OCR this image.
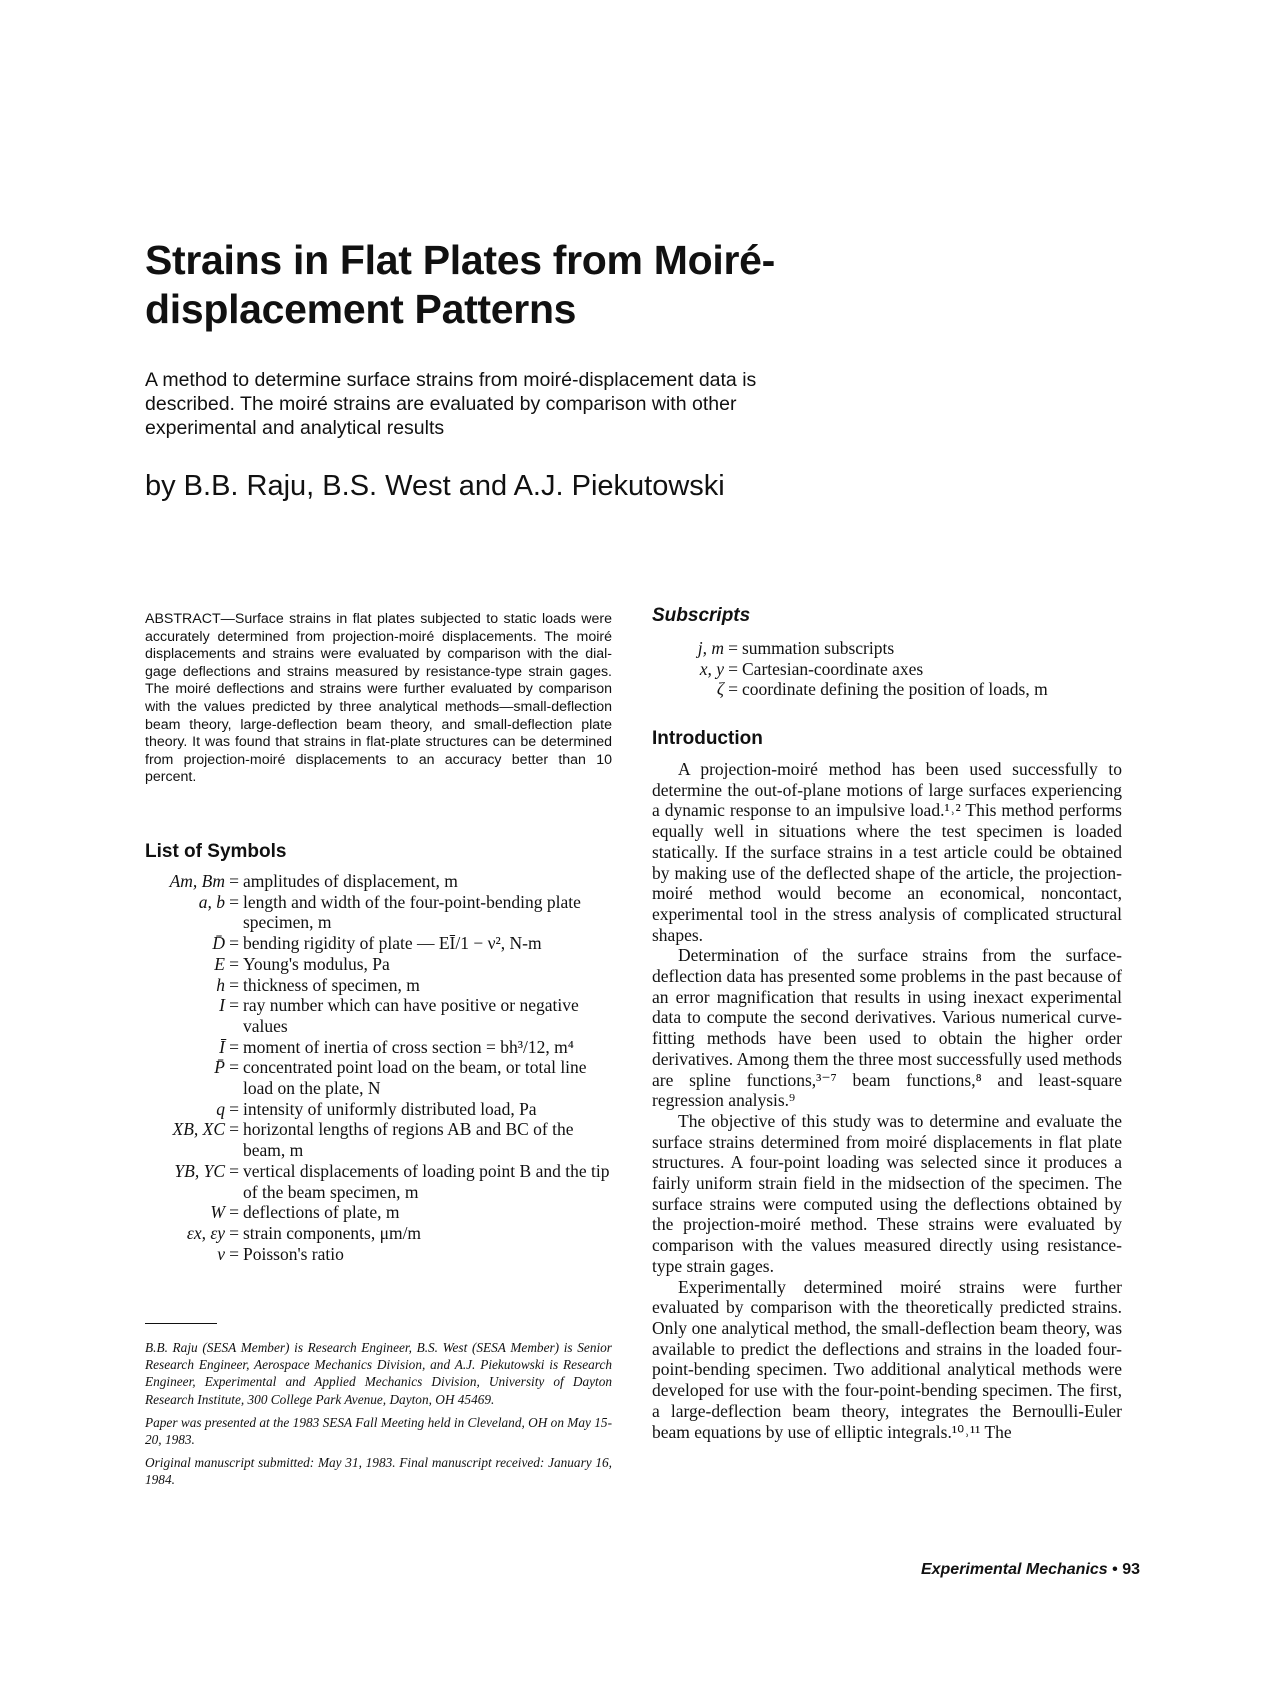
Strains in Flat Plates from Moiré-displacement Patterns

A method to determine surface strains from moiré-displacement data is described. The moiré strains are evaluated by comparison with other experimental and analytical results

by B.B. Raju, B.S. West and A.J. Piekutowski

ABSTRACT—Surface strains in flat plates subjected to static loads were accurately determined from projection-moiré displacements. The moiré displacements and strains were evaluated by comparison with the dial-gage deflections and strains measured by resistance-type strain gages. The moiré deflections and strains were further evaluated by comparison with the values predicted by three analytical methods—small-deflection beam theory, large-deflection beam theory, and small-deflection plate theory. It was found that strains in flat-plate structures can be determined from projection-moiré displacements to an accuracy better than 10 percent.

List of Symbols
Am, Bm	=	amplitudes of displacement, m
a, b	=	length and width of the four-point-bending plate specimen, m
D̄	=	bending rigidity of plate — EĪ/1 − ν², N-m
E	=	Young's modulus, Pa
h	=	thickness of specimen, m
I	=	ray number which can have positive or negative values
Ī	=	moment of inertia of cross section = bh³/12, m⁴
P̄	=	concentrated point load on the beam, or total line load on the plate, N
q	=	intensity of uniformly distributed load, Pa
XB, XC	=	horizontal lengths of regions AB and BC of the beam, m
YB, YC	=	vertical displacements of loading point B and the tip of the beam specimen, m
W	=	deflections of plate, m
εx, εy	=	strain components, μm/m
ν	=	Poisson's ratio

B.B. Raju (SESA Member) is Research Engineer, B.S. West (SESA Member) is Senior Research Engineer, Aerospace Mechanics Division, and A.J. Piekutowski is Research Engineer, Experimental and Applied Mechanics Division, University of Dayton Research Institute, 300 College Park Avenue, Dayton, OH 45469.

Paper was presented at the 1983 SESA Fall Meeting held in Cleveland, OH on May 15-20, 1983.

Original manuscript submitted: May 31, 1983. Final manuscript received: January 16, 1984.

Subscripts
j, m	=	summation subscripts
x, y	=	Cartesian-coordinate axes
ζ	=	coordinate defining the position of loads, m
Introduction

A projection-moiré method has been used successfully to determine the out-of-plane motions of large surfaces experiencing a dynamic response to an impulsive load.¹˒² This method performs equally well in situations where the test specimen is loaded statically. If the surface strains in a test article could be obtained by making use of the deflected shape of the article, the projection-moiré method would become an economical, noncontact, experimental tool in the stress analysis of complicated structural shapes.

Determination of the surface strains from the surface-deflection data has presented some problems in the past because of an error magnification that results in using inexact experimental data to compute the second derivatives. Various numerical curve-fitting methods have been used to obtain the higher order derivatives. Among them the three most successfully used methods are spline functions,³⁻⁷ beam functions,⁸ and least-square regression analysis.⁹

The objective of this study was to determine and evaluate the surface strains determined from moiré displacements in flat plate structures. A four-point loading was selected since it produces a fairly uniform strain field in the midsection of the specimen. The surface strains were computed using the deflections obtained by the projection-moiré method. These strains were evaluated by comparison with the values measured directly using resistance-type strain gages.

Experimentally determined moiré strains were further evaluated by comparison with the theoretically predicted strains. Only one analytical method, the small-deflection beam theory, was available to predict the deflections and strains in the loaded four-point-bending specimen. Two additional analytical methods were developed for use with the four-point-bending specimen. The first, a large-deflection beam theory, integrates the Bernoulli-Euler beam equations by use of elliptic integrals.¹⁰˒¹¹ The

Experimental Mechanics • 93
